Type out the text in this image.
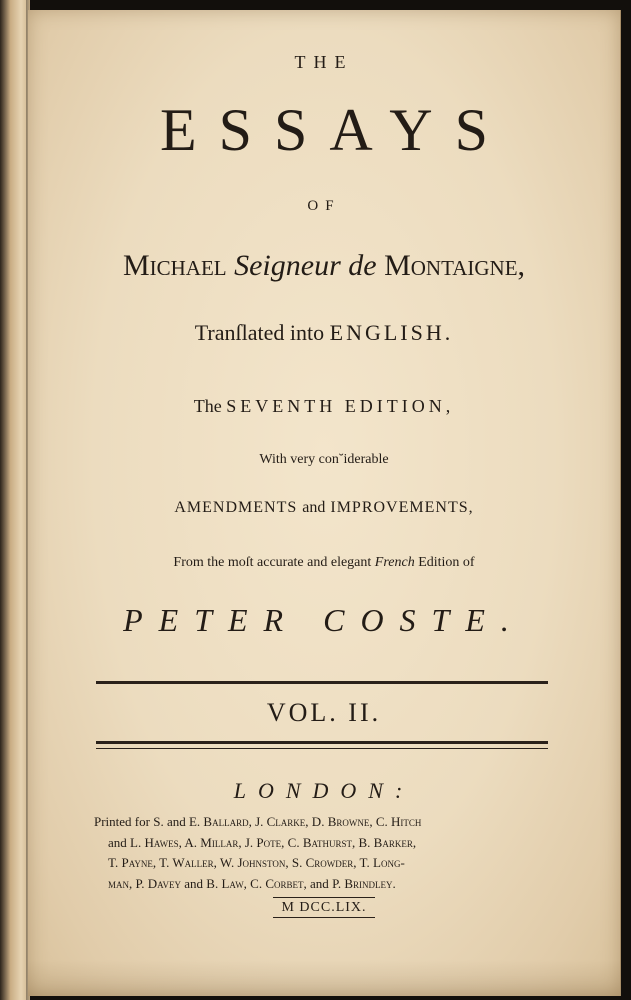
THE
ESSAYS
OF
Michael Seigneur de Montaigne,
Tranſlated into ENGLISH.
The SEVENTH EDITION,
With very con˘iderable
AMENDMENTS and IMPROVEMENTS,
From the moſt accurate and elegant French Edition of
PETER COSTE.
VOL. II.
LONDON:
Printed for S. and E. Ballard, J. Clarke, D. Browne, C. Hitch
and L. Hawes, A. Millar, J. Pote, C. Bathurst, B. Barker,
T. Payne, T. Waller, W. Johnston, S. Crowder, T. Long-
man, P. Davey and B. Law, C. Corbet, and P. Brindley.
M DCC.LIX.
